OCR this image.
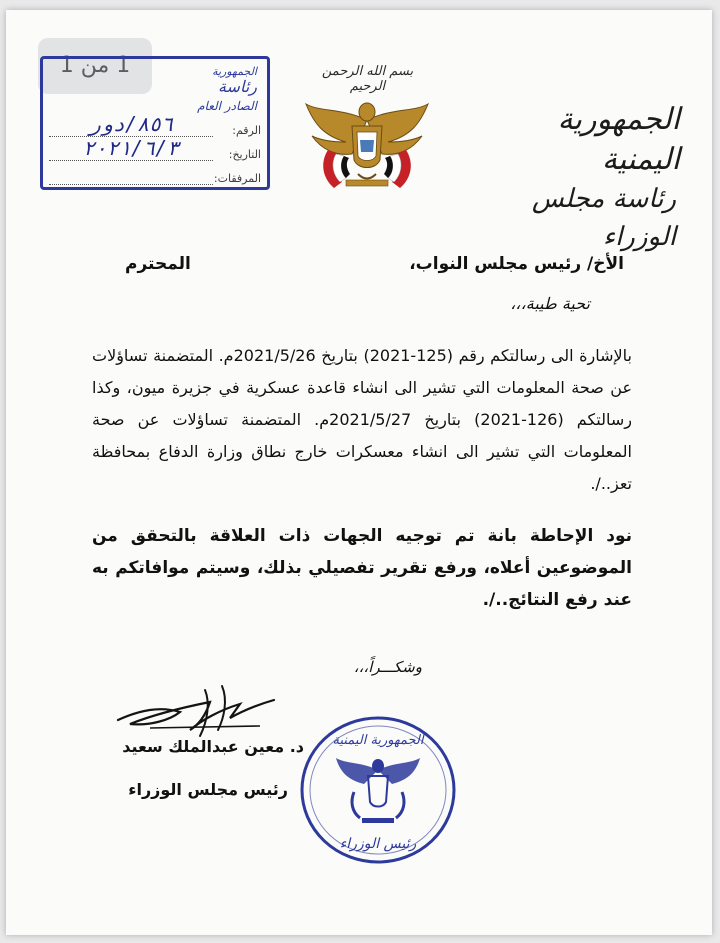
1 من 1
الجمهورية اليمنية
رئاسة مجلس الوزراء
بسم الله الرحمن الرحيم
الجمهورية
رئاسة
الصادر العام
الرقم:
٨٥٦/دور
التاريخ:
٢٠٢١/٦/٣
المرفقات:
الأخ/ رئيس مجلس النواب،
المحترم
تحية طيبة،،،
بالإشارة الى رسالتكم رقم (125-2021) بتاريخ 2021/5/26م. المتضمنة تساؤلات عن صحة المعلومات التي تشير الى انشاء قاعدة عسكرية في جزيرة ميون، وكذا رسالتكم (126-2021) بتاريخ 2021/5/27م. المتضمنة تساؤلات عن صحة المعلومات التي تشير الى انشاء معسكرات خارج نطاق وزارة الدفاع بمحافظة تعز../.
نود الإحاطة بانة تم توجيه الجهات ذات العلاقة بالتحقق من الموضوعين أعلاه، ورفع تقرير تفصيلي بذلك، وسيتم موافاتكم به عند رفع النتائج../.
وشكـــراً،،،
د. معين عبدالملك سعيد
رئيس مجلس الوزراء
الجمهورية اليمنية
رئيس الوزراء
